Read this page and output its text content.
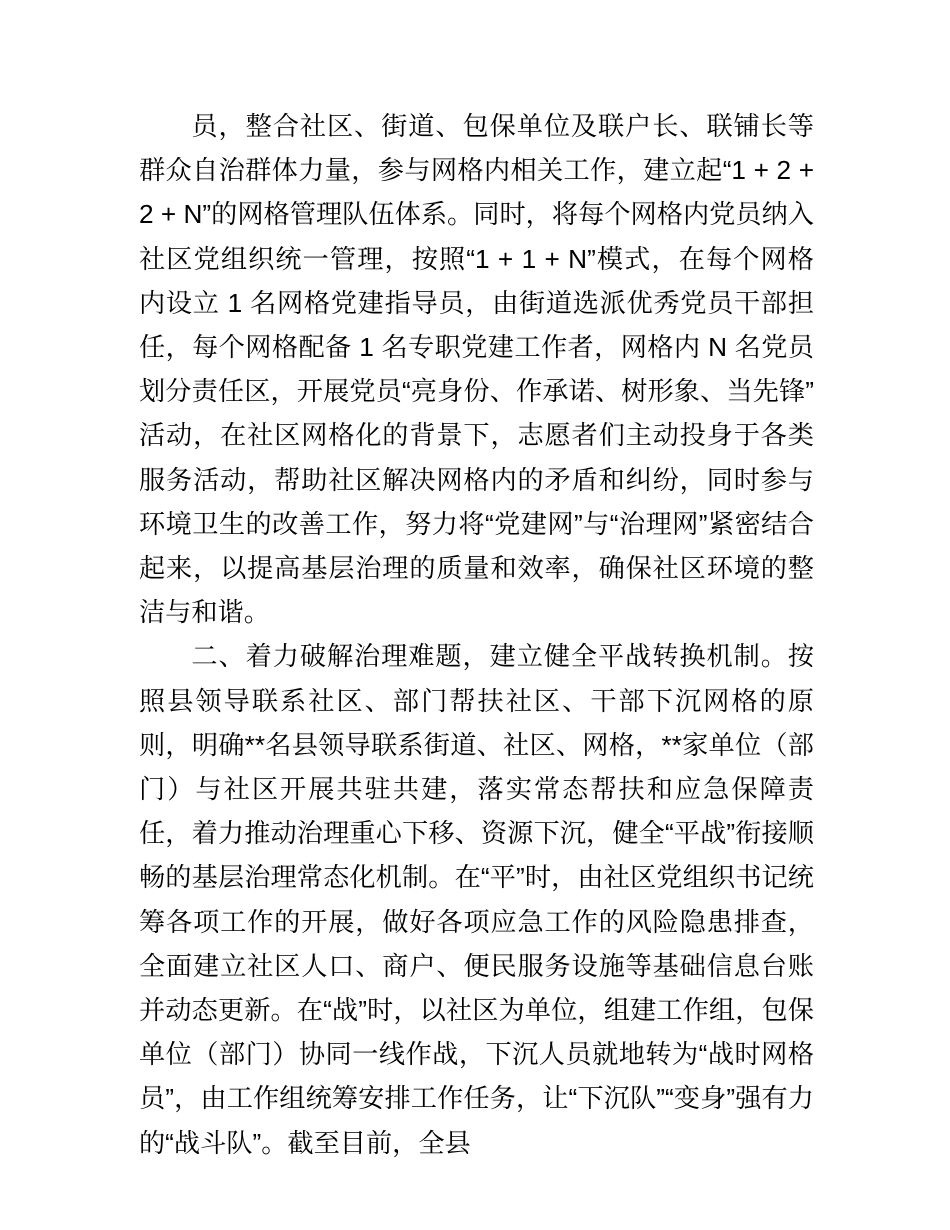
员，整合社区、街道、包保单位及联户长、联铺长等群众自治群体力量，参与网格内相关工作，建立起“1 + 2 + 2 + N”的网格管理队伍体系。同时，将每个网格内党员纳入社区党组织统一管理，按照“1 + 1 + N”模式，在每个网格内设立 1 名网格党建指导员，由街道选派优秀党员干部担任，每个网格配备 1 名专职党建工作者，网格内 N 名党员划分责任区，开展党员“亮身份、作承诺、树形象、当先锋”活动，在社区网格化的背景下，志愿者们主动投身于各类服务活动，帮助社区解决网格内的矛盾和纠纷，同时参与环境卫生的改善工作，努力将“党建网”与“治理网”紧密结合起来，以提高基层治理的质量和效率，确保社区环境的整洁与和谐。

二、着力破解治理难题，建立健全平战转换机制。按照县领导联系社区、部门帮扶社区、干部下沉网格的原则，明确**名县领导联系街道、社区、网格，**家单位（部门）与社区开展共驻共建，落实常态帮扶和应急保障责任，着力推动治理重心下移、资源下沉，健全“平战”衔接顺畅的基层治理常态化机制。在“平”时，由社区党组织书记统筹各项工作的开展，做好各项应急工作的风险隐患排查，全面建立社区人口、商户、便民服务设施等基础信息台账并动态更新。在“战”时，以社区为单位，组建工作组，包保单位（部门）协同一线作战，下沉人员就地转为“战时网格员”，由工作组统筹安排工作任务，让“下沉队”“变身”强有力的“战斗队”。截至目前，全县
